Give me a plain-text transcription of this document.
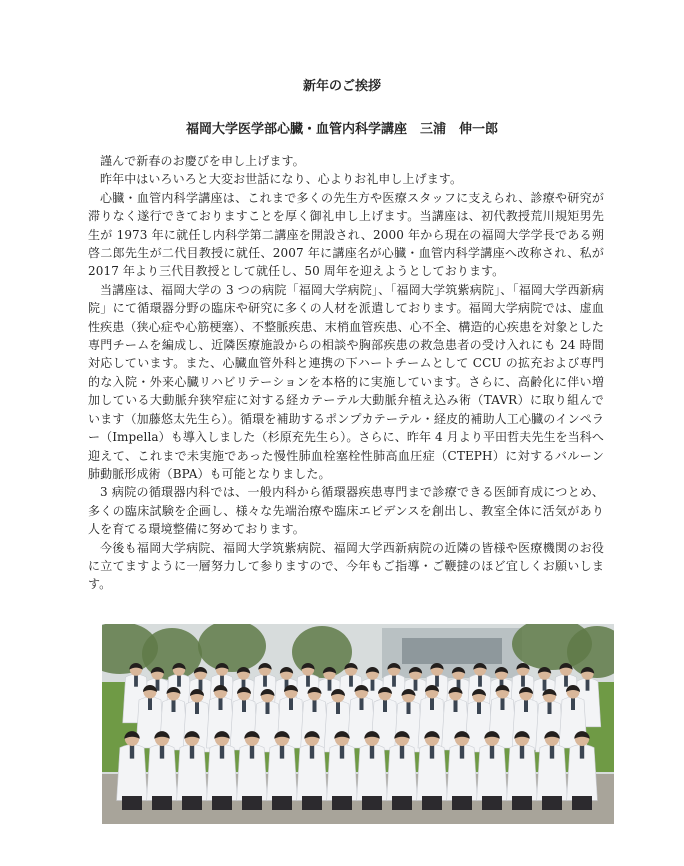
新年のご挨拶
福岡大学医学部心臓・血管内科学講座　三浦　伸一郎

謹んで新春のお慶びを申し上げます。

昨年中はいろいろと大変お世話になり、心よりお礼申し上げます。

心臓・血管内科学講座は、これまで多くの先生方や医療スタッフに支えられ、診療や研究が滞りなく遂行できておりますことを厚く御礼申し上げます。当講座は、初代教授荒川規矩男先生が 1973 年に就任し内科学第二講座を開設され、2000 年から現在の福岡大学学長である朔啓二郎先生が二代目教授に就任、2007 年に講座名が心臓・血管内科学講座へ改称され、私が 2017 年より三代目教授として就任し、50 周年を迎えようとしております。

当講座は、福岡大学の 3 つの病院「福岡大学病院」、「福岡大学筑紫病院」、「福岡大学西新病院」にて循環器分野の臨床や研究に多くの人材を派遣しております。福岡大学病院では、虚血性疾患（狭心症や心筋梗塞）、不整脈疾患、末梢血管疾患、心不全、構造的心疾患を対象とした専門チームを編成し、近隣医療施設からの相談や胸部疾患の救急患者の受け入れにも 24 時間対応しています。また、心臓血管外科と連携の下ハートチームとして CCU の拡充および専門的な入院・外来心臓リハビリテーションを本格的に実施しています。さらに、高齢化に伴い増加している大動脈弁狭窄症に対する経カテーテル大動脈弁植え込み術（TAVR）に取り組んでいます（加藤悠太先生ら）。循環を補助するポンプカテーテル・経皮的補助人工心臓のインペラー（Impella）も導入しました（杉原充先生ら）。さらに、昨年 4 月より平田哲夫先生を当科へ迎えて、これまで未実施であった慢性肺血栓塞栓性肺高血圧症（CTEPH）に対するバルーン肺動脈形成術（BPA）も可能となりました。

3 病院の循環器内科では、一般内科から循環器疾患専門まで診療できる医師育成につとめ、多くの臨床試験を企画し、様々な先端治療や臨床エビデンスを創出し、教室全体に活気があり人を育てる環境整備に努めております。

今後も福岡大学病院、福岡大学筑紫病院、福岡大学西新病院の近隣の皆様や医療機関のお役に立てますように一層努力して参りますので、今年もご指導・ご鞭撻のほど宜しくお願いします。
